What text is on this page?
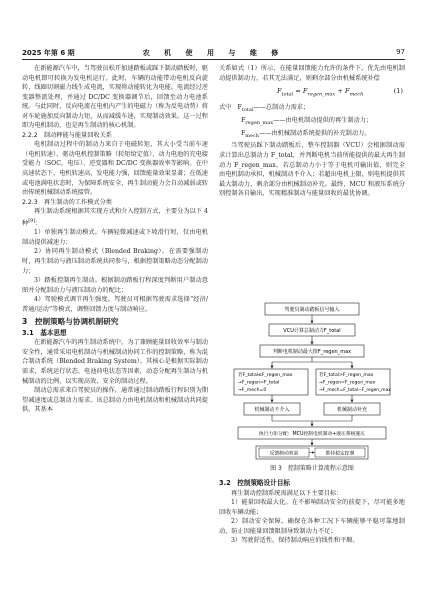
2025 年第 6 期	农 机 使 用 与 维 修	97

在新能源汽车中，当驾驶员松开加速踏板或踩下制动踏板时，驱动电机即可转换为发电机运行。此时，车辆的动能带动电机反向旋转，线圈切割磁力线生成电流，实现将动能转化为电能。电流经过逆变器整流处理，并通过 DC/DC 变换器调节后，回馈至动力电池系统。与此同时，反向电流在电机内产生的电磁力（称为反电动势）将对车轮施加反向制动力矩，从而减缓车速，实现制动效果。这一过程即为电机制动，也是再生制动的核心机制。

2.2.2　制动释能与能量回收关系

电机制动过程中的制动力来自于电磁转矩，其大小受当前车速（电机转速）、驱动电机控制策略（转矩给定值）、动力电池的充电接受能力（SOC，电压）、逆变器和 DC/DC 变换器效率等影响。在中高速状态下，电机转速高，发电能力强，回馈能量效果显著；在低速或电池满电状态时，为保障系统安全，再生制动能力会自动减弱或转由传统机械制动系统接管。

2.2.3　再生制动的工作模式分类

再生制动系统根据其实现方式和介入控制方式，主要分为以下 4 种[9]：

1）单独再生制动模式。车辆轻微减速或下坡滑行时，仅由电机制动提供减速力；

2）协同再生制动模式（Blended Braking）。在需要强制动时，再生制动与液压制动系统共同参与，根据控制策略动态分配制动力；

3）踏板控制再生制动。根据制动踏板行程深度判断用户制动意图并分配制动力与液压制动力的配比；

4）驾驶模式调节再生强度。驾驶员可根据驾驶需求选择“经济/普通/运动”等模式，调整回馈力度与制动响应。

3　控制策略与协调机制研究
3.1　基本思想

在新能源汽车的再生制动系统中，为了兼顾能量回收效率与制动安全性，通常采用电机制动与机械制动协同工作的控制策略，称为混合制动系统（Blended Braking System）。其核心是根据实际制动需求、系统运行状态、电池荷电状态等因素，动态分配再生制动与机械制动的比例，以实现高效、安全的制动过程。

制动总需求来自驾驶员的操作，通常通过制动踏板行程识别为期望减速度或总制动力需求。该总制动力由电机制动和机械制动共同提供，其基本

关系如式（1）所示，在能量回馈能力允许的条件下，优先由电机制动提供制动力，若其无法满足，则剩余部分由机械系统补偿

$F_{total} = F_{regen\_max} + F_{mech}$	(1)

式中　$F_{total}——$总制动力需求；

$F_{regen\_max}——$由电机制动提供的再生制动力；

$F_{mech}——$由机械制动系统提供的补充制动力。

当驾驶员踩下制动踏板后，整车控制器（VCU）会根据制动需求计算出总制动力 F_total，并判断电机当前所能提供的最大再生制动力 F_regen_max。若总制动力小于等于电机可输出值，则完全由电机制动承担，机械制动不介入；若超出电机上限，则电机提供其最大制动力，剩余部分由机械制动补充。最终，MCU 和液压系统分别控制各自输出，实现精准制动与能量回收的最优协调。

驾驶员制动踏板信号输入
VCU计算总制动力F_total
判断电机制动最大值F_regen_max
若F_total≤F_regen_max
→F_regen=F_total
→F_mech=0
若F_total>F_regen_max
→F_regen=F_regen_max
→F_mech=F_total−F_regen_max
机械制动不介入	机械制动补充
执行力矩分配：MCU控制电机制动+液压系统施压
反馈制动效果	维持稳定控制
图 3　控制策略计算流程示意图
3.2　控制策略设计目标

再生制动控制系统需满足以下主要目标：

1）能量回收最大化。在不影响制动安全的前提下，尽可能多地回收车辆动能；

2）制动安全保障。确保在各种工况下车辆能够平稳可靠地制动，防止因能量回馈限制导致制动力不足；

3）驾驶舒适性。保持制动响应的线性和平顺。
